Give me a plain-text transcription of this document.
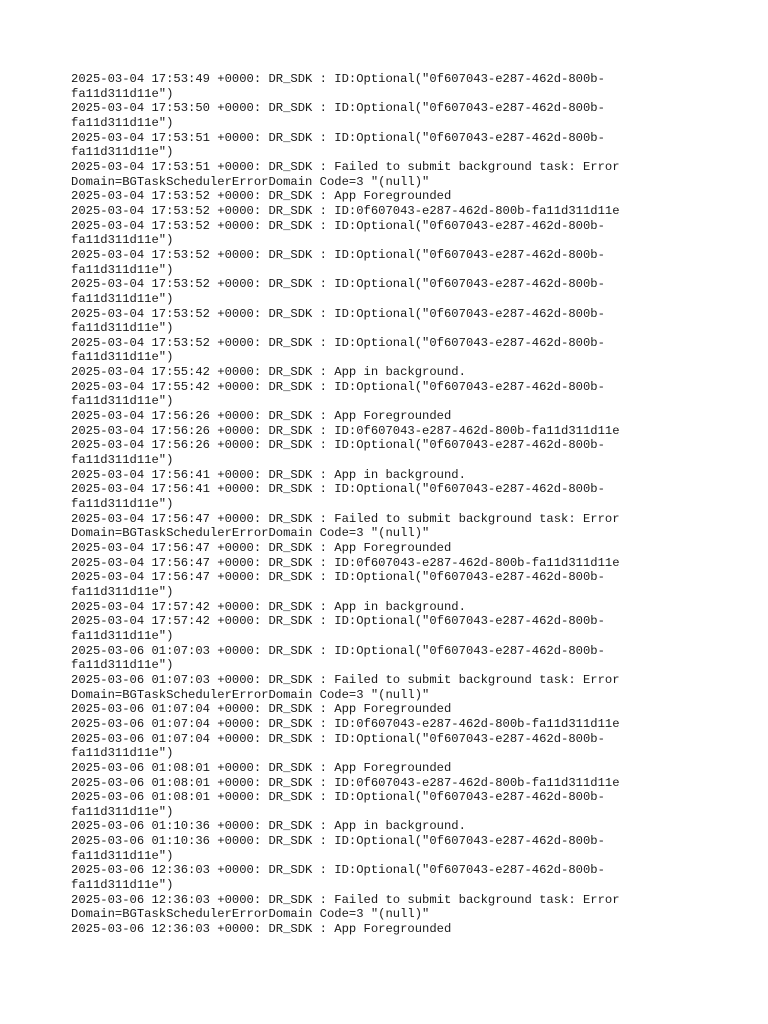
2025-03-04 17:53:49 +0000: DR_SDK : ID:Optional("0f607043-e287-462d-800b-
fa11d311d11e")
2025-03-04 17:53:50 +0000: DR_SDK : ID:Optional("0f607043-e287-462d-800b-
fa11d311d11e")
2025-03-04 17:53:51 +0000: DR_SDK : ID:Optional("0f607043-e287-462d-800b-
fa11d311d11e")
2025-03-04 17:53:51 +0000: DR_SDK : Failed to submit background task: Error
Domain=BGTaskSchedulerErrorDomain Code=3 "(null)"
2025-03-04 17:53:52 +0000: DR_SDK : App Foregrounded
2025-03-04 17:53:52 +0000: DR_SDK : ID:0f607043-e287-462d-800b-fa11d311d11e
2025-03-04 17:53:52 +0000: DR_SDK : ID:Optional("0f607043-e287-462d-800b-
fa11d311d11e")
2025-03-04 17:53:52 +0000: DR_SDK : ID:Optional("0f607043-e287-462d-800b-
fa11d311d11e")
2025-03-04 17:53:52 +0000: DR_SDK : ID:Optional("0f607043-e287-462d-800b-
fa11d311d11e")
2025-03-04 17:53:52 +0000: DR_SDK : ID:Optional("0f607043-e287-462d-800b-
fa11d311d11e")
2025-03-04 17:53:52 +0000: DR_SDK : ID:Optional("0f607043-e287-462d-800b-
fa11d311d11e")
2025-03-04 17:55:42 +0000: DR_SDK : App in background.
2025-03-04 17:55:42 +0000: DR_SDK : ID:Optional("0f607043-e287-462d-800b-
fa11d311d11e")
2025-03-04 17:56:26 +0000: DR_SDK : App Foregrounded
2025-03-04 17:56:26 +0000: DR_SDK : ID:0f607043-e287-462d-800b-fa11d311d11e
2025-03-04 17:56:26 +0000: DR_SDK : ID:Optional("0f607043-e287-462d-800b-
fa11d311d11e")
2025-03-04 17:56:41 +0000: DR_SDK : App in background.
2025-03-04 17:56:41 +0000: DR_SDK : ID:Optional("0f607043-e287-462d-800b-
fa11d311d11e")
2025-03-04 17:56:47 +0000: DR_SDK : Failed to submit background task: Error
Domain=BGTaskSchedulerErrorDomain Code=3 "(null)"
2025-03-04 17:56:47 +0000: DR_SDK : App Foregrounded
2025-03-04 17:56:47 +0000: DR_SDK : ID:0f607043-e287-462d-800b-fa11d311d11e
2025-03-04 17:56:47 +0000: DR_SDK : ID:Optional("0f607043-e287-462d-800b-
fa11d311d11e")
2025-03-04 17:57:42 +0000: DR_SDK : App in background.
2025-03-04 17:57:42 +0000: DR_SDK : ID:Optional("0f607043-e287-462d-800b-
fa11d311d11e")
2025-03-06 01:07:03 +0000: DR_SDK : ID:Optional("0f607043-e287-462d-800b-
fa11d311d11e")
2025-03-06 01:07:03 +0000: DR_SDK : Failed to submit background task: Error
Domain=BGTaskSchedulerErrorDomain Code=3 "(null)"
2025-03-06 01:07:04 +0000: DR_SDK : App Foregrounded
2025-03-06 01:07:04 +0000: DR_SDK : ID:0f607043-e287-462d-800b-fa11d311d11e
2025-03-06 01:07:04 +0000: DR_SDK : ID:Optional("0f607043-e287-462d-800b-
fa11d311d11e")
2025-03-06 01:08:01 +0000: DR_SDK : App Foregrounded
2025-03-06 01:08:01 +0000: DR_SDK : ID:0f607043-e287-462d-800b-fa11d311d11e
2025-03-06 01:08:01 +0000: DR_SDK : ID:Optional("0f607043-e287-462d-800b-
fa11d311d11e")
2025-03-06 01:10:36 +0000: DR_SDK : App in background.
2025-03-06 01:10:36 +0000: DR_SDK : ID:Optional("0f607043-e287-462d-800b-
fa11d311d11e")
2025-03-06 12:36:03 +0000: DR_SDK : ID:Optional("0f607043-e287-462d-800b-
fa11d311d11e")
2025-03-06 12:36:03 +0000: DR_SDK : Failed to submit background task: Error
Domain=BGTaskSchedulerErrorDomain Code=3 "(null)"
2025-03-06 12:36:03 +0000: DR_SDK : App Foregrounded
